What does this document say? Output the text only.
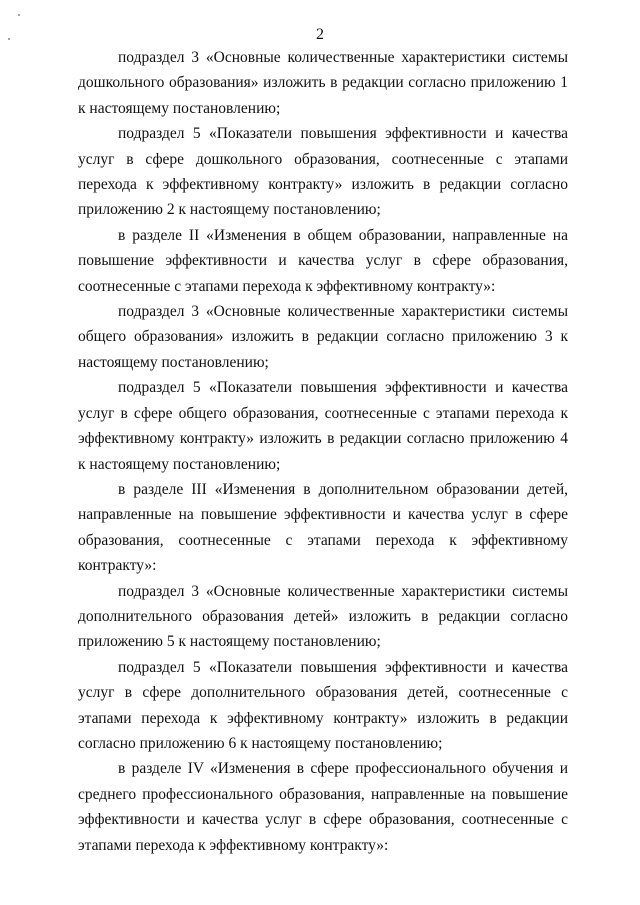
2

подраздел 3 «Основные количественные характеристики системы дошкольного образования» изложить в редакции согласно приложению 1 к настоящему постановлению;

подраздел 5 «Показатели повышения эффективности и качества услуг в сфере дошкольного образования, соотнесенные с этапами перехода к эффективному контракту» изложить в редакции согласно приложению 2 к настоящему постановлению;

в разделе II «Изменения в общем образовании, направленные на повышение эффективности и качества услуг в сфере образования, соотнесенные с этапами перехода к эффективному контракту»:

подраздел 3 «Основные количественные характеристики системы общего образования» изложить в редакции согласно приложению 3 к настоящему постановлению;

подраздел 5 «Показатели повышения эффективности и качества услуг в сфере общего образования, соотнесенные с этапами перехода к эффективному контракту» изложить в редакции согласно приложению 4 к настоящему постановлению;

в разделе III «Изменения в дополнительном образовании детей, направленные на повышение эффективности и качества услуг в сфере образования, соотнесенные с этапами перехода к эффективному контракту»:

подраздел 3 «Основные количественные характеристики системы дополнительного образования детей» изложить в редакции согласно приложению 5 к настоящему постановлению;

подраздел 5 «Показатели повышения эффективности и качества услуг в сфере дополнительного образования детей, соотнесенные с этапами перехода к эффективному контракту» изложить в редакции согласно приложению 6 к настоящему постановлению;

в разделе IV «Изменения в сфере профессионального обучения и среднего профессионального образования, направленные на повышение эффективности и качества услуг в сфере образования, соотнесенные с этапами перехода к эффективному контракту»:
